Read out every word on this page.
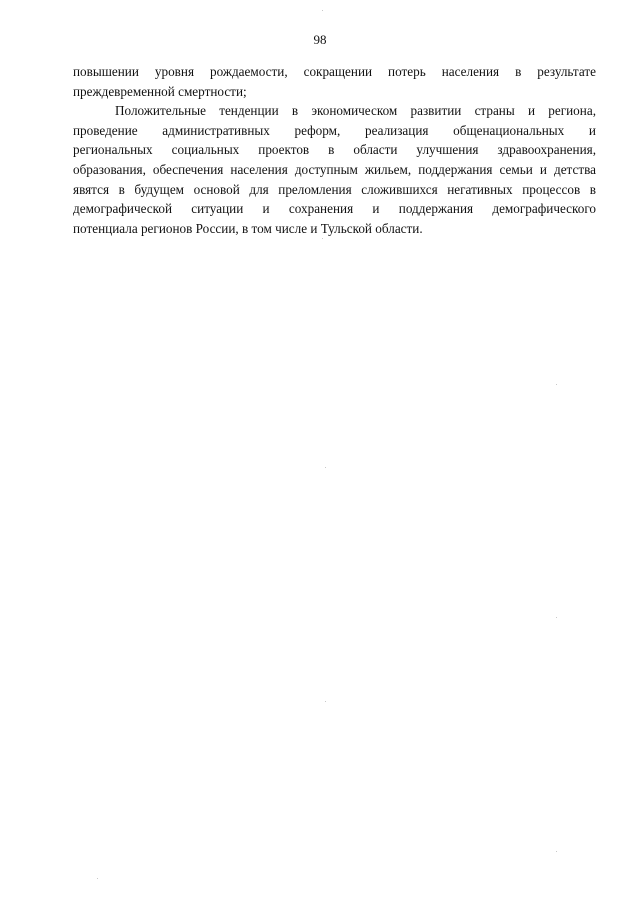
98
повышении уровня рождаемости, сокращении потерь населения в результате
преждевременной смертности;
Положительные тенденции в экономическом развитии страны и региона,
проведение административных реформ, реализация общенациональных и
региональных социальных проектов в области улучшения здравоохранения,
образования, обеспечения населения доступным жильем, поддержания семьи и детства
явятся в будущем основой для преломления сложившихся негативных процессов в
демографической ситуации и сохранения и поддержания демографического
потенциала регионов России, в том числе и Тульской области.
